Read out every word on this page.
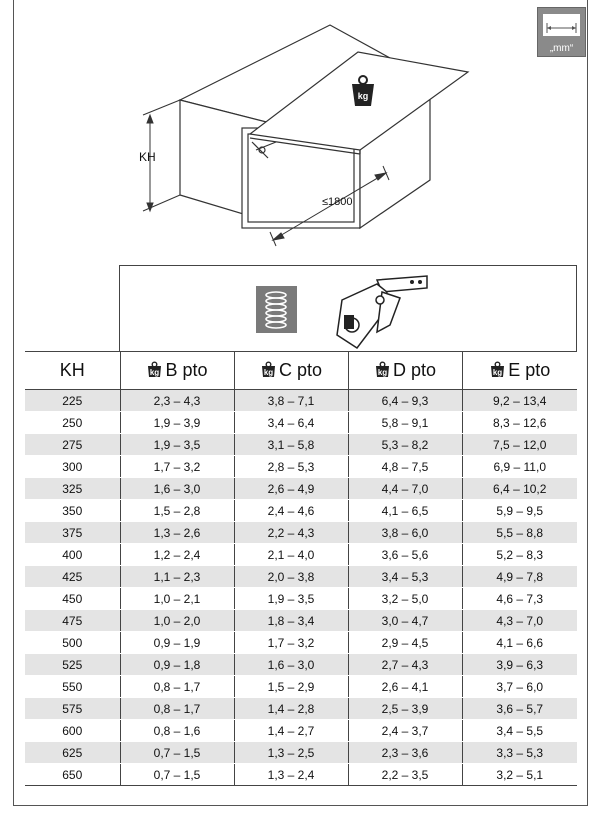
„mm“
kg
KH
≤1800
KH	kg B pto	kg C pto	kg D pto	kg E pto
225	2,3 – 4,3	3,8 – 7,1	6,4 – 9,3	9,2 – 13,4
250	1,9 – 3,9	3,4 – 6,4	5,8 – 9,1	8,3 – 12,6
275	1,9 – 3,5	3,1 – 5,8	5,3 – 8,2	7,5 – 12,0
300	1,7 – 3,2	2,8 – 5,3	4,8 – 7,5	6,9 – 11,0
325	1,6 – 3,0	2,6 – 4,9	4,4 – 7,0	6,4 – 10,2
350	1,5 – 2,8	2,4 – 4,6	4,1 – 6,5	5,9 – 9,5
375	1,3 – 2,6	2,2 – 4,3	3,8 – 6,0	5,5 – 8,8
400	1,2 – 2,4	2,1 – 4,0	3,6 – 5,6	5,2 – 8,3
425	1,1 – 2,3	2,0 – 3,8	3,4 – 5,3	4,9 – 7,8
450	1,0 – 2,1	1,9 – 3,5	3,2 – 5,0	4,6 – 7,3
475	1,0 – 2,0	1,8 – 3,4	3,0 – 4,7	4,3 – 7,0
500	0,9 – 1,9	1,7 – 3,2	2,9 – 4,5	4,1 – 6,6
525	0,9 – 1,8	1,6 – 3,0	2,7 – 4,3	3,9 – 6,3
550	0,8 – 1,7	1,5 – 2,9	2,6 – 4,1	3,7 – 6,0
575	0,8 – 1,7	1,4 – 2,8	2,5 – 3,9	3,6 – 5,7
600	0,8 – 1,6	1,4 – 2,7	2,4 – 3,7	3,4 – 5,5
625	0,7 – 1,5	1,3 – 2,5	2,3 – 3,6	3,3 – 5,3
650	0,7 – 1,5	1,3 – 2,4	2,2 – 3,5	3,2 – 5,1
